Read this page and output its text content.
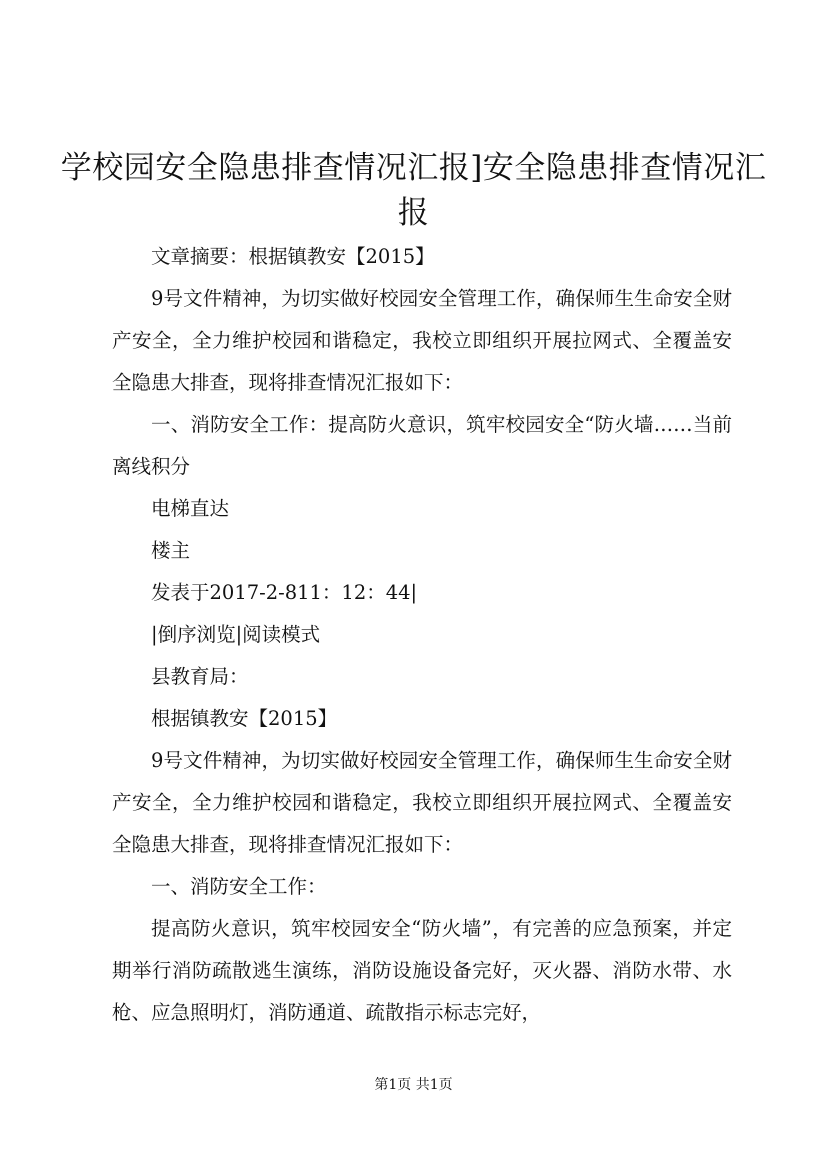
学校园安全隐患排查情况汇报]安全隐患排查情况汇报

文章摘要：根据镇教安【2015】

9号文件精神，为切实做好校园安全管理工作，确保师生生命安全财产安全，全力维护校园和谐稳定，我校立即组织开展拉网式、全覆盖安全隐患大排查，现将排查情况汇报如下：

一、消防安全工作：提高防火意识，筑牢校园安全“防火墙……当前离线积分

电梯直达

楼主

发表于2017-2-811：12：44|

|倒序浏览|阅读模式

县教育局：

根据镇教安【2015】

9号文件精神，为切实做好校园安全管理工作，确保师生生命安全财产安全，全力维护校园和谐稳定，我校立即组织开展拉网式、全覆盖安全隐患大排查，现将排查情况汇报如下：

一、消防安全工作：

提高防火意识，筑牢校园安全“防火墙”，有完善的应急预案，并定期举行消防疏散逃生演练，消防设施设备完好，灭火器、消防水带、水枪、应急照明灯，消防通道、疏散指示标志完好，

第1页 共1页
